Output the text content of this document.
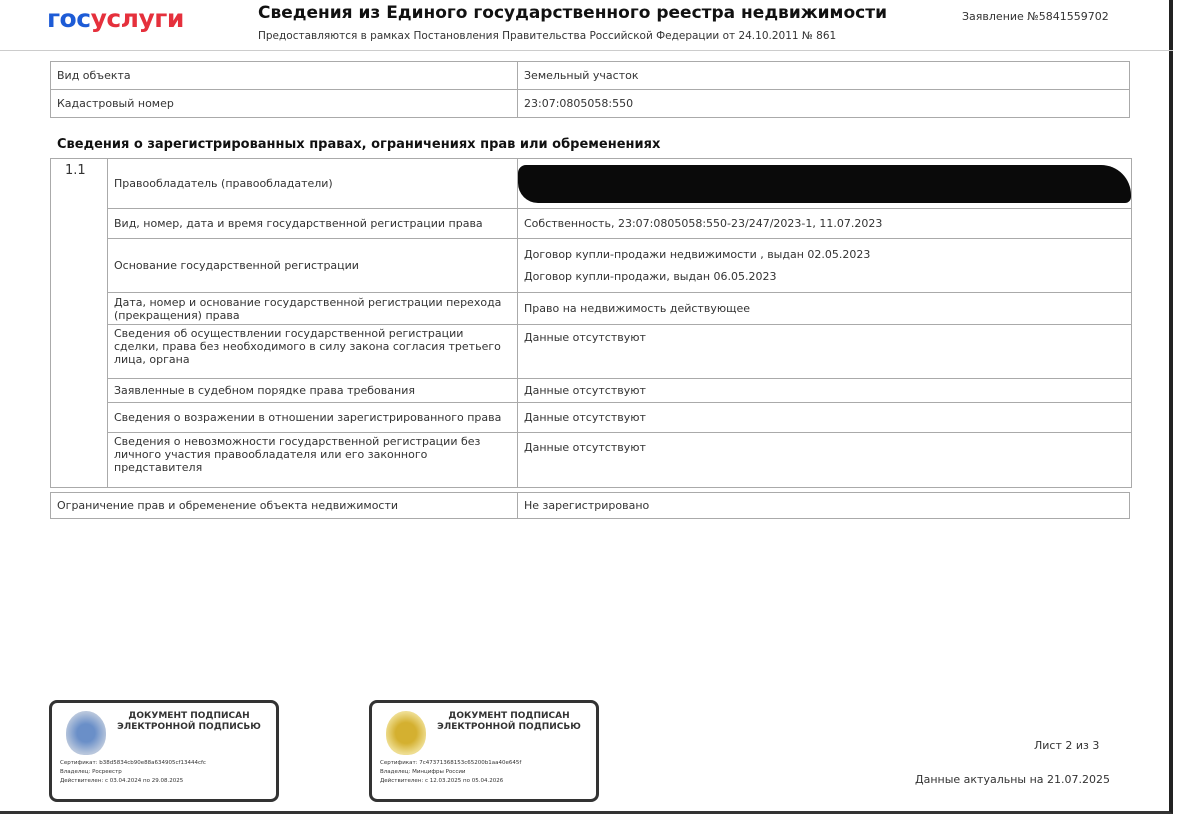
госуслуги	Сведения из Единого государственного реестра недвижимости
Предоставляются в рамках Постановления Правительства Российской Федерации от 24.10.2011 № 861
Заявление №5841559702
Вид объекта	Земельный участок
Кадастровый номер	23:07:0805058:550
Сведения о зарегистрированных правах, ограничениях прав или обременениях
1.1	Правообладатель (правообладатели)	

	Вид, номер, дата и время государственной регистрации права	Собственность, 23:07:0805058:550-23/247/2023-1, 11.07.2023
	Основание государственной регистрации	Договор купли-продажи недвижимости , выдан 02.05.2023
Договор купли-продажи, выдан 06.05.2023

	Дата, номер и основание государственной регистрации перехода (прекращения) права	Право на недвижимость действующее
	Сведения об осуществлении государственной регистрации сделки, права без необходимого в силу закона согласия третьего лица, органа	Данные отсутствуют
	Заявленные в судебном порядке права требования	Данные отсутствуют
	Сведения о возражении в отношении зарегистрированного права	Данные отсутствуют
	Сведения о невозможности государственной регистрации без личного участия правообладателя или его законного представителя	Данные отсутствуют
Ограничение прав и обременение объекта недвижимости	Не зарегистрировано
ДОКУМЕНТ ПОДПИСАН ЭЛЕКТРОННОЙ ПОДПИСЬЮ
Сертификат: b38d5834cb90e88a634905cf13444cfc
Владелец: Росреестр
Действителен: с 03.04.2024 по 29.08.2025
ДОКУМЕНТ ПОДПИСАН ЭЛЕКТРОННОЙ ПОДПИСЬЮ
Сертификат: 7c47371368153c65200b1aa40e645f
Владелец: Минцифры России
Действителен: с 12.03.2025 по 05.04.2026
Лист 2 из 3
Данные актуальны на 21.07.2025
